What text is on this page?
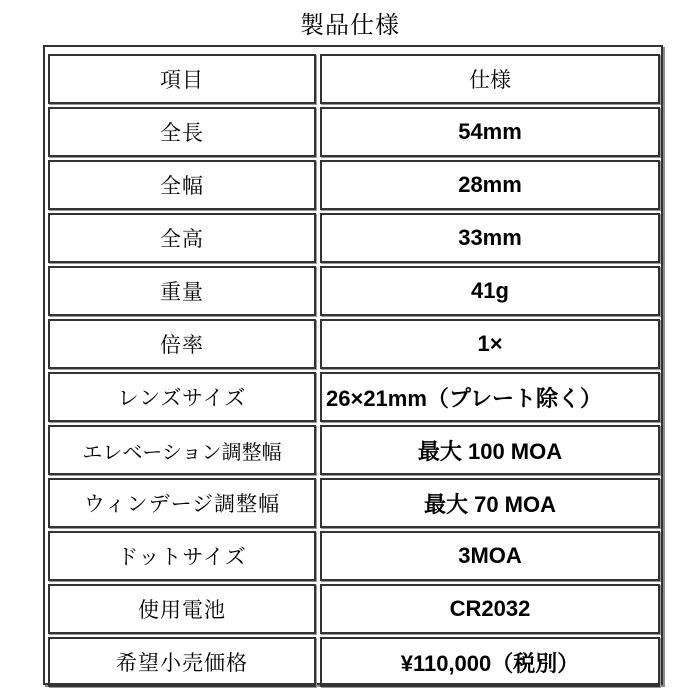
製品仕様
項目		仕様
全長		54mm
全幅		28mm
全高		33mm
重量		41g
倍率		1×
レンズサイズ		26×21mm（プレート除く）
エレベーション調整幅		最大 100 MOA
ウィンデージ調整幅		最大 70 MOA
ドットサイズ		3MOA
使用電池		CR2032
希望小売価格		¥110,000（税別）
